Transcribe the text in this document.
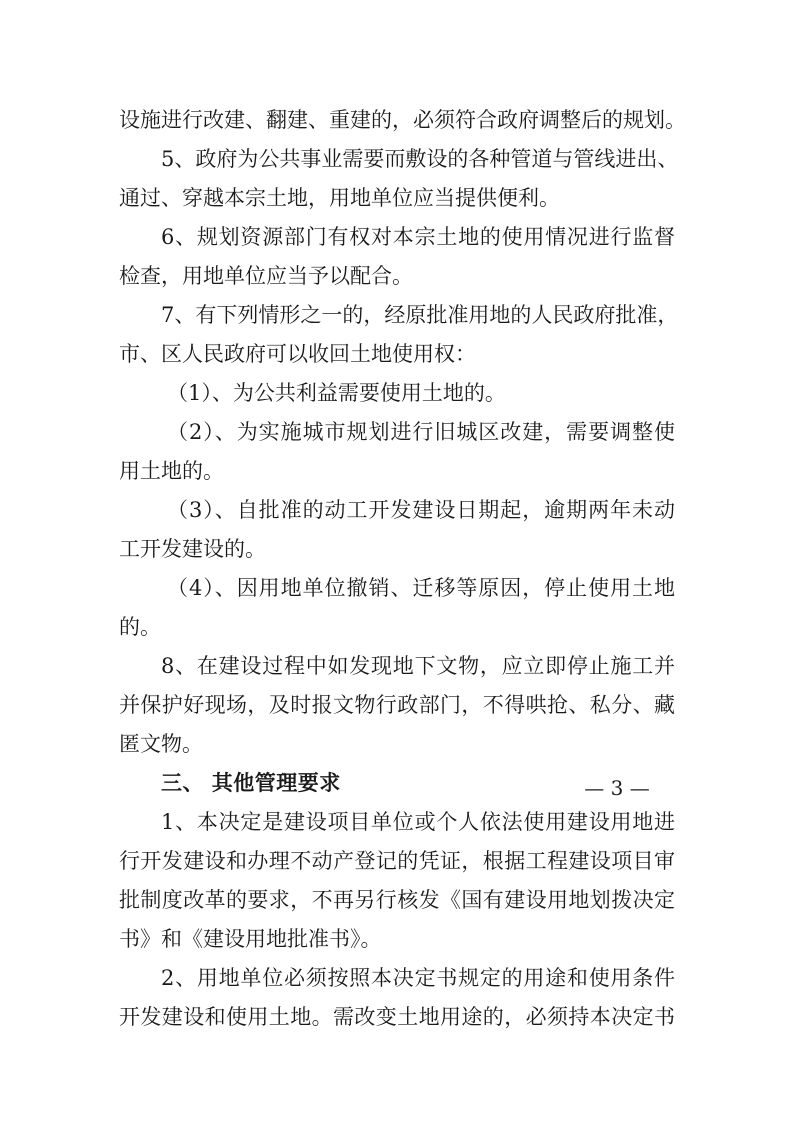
设施进行改建、翻建、重建的，必须符合政府调整后的规划。
5、政府为公共事业需要而敷设的各种管道与管线进出、
通过、穿越本宗土地，用地单位应当提供便利。
6、规划资源部门有权对本宗土地的使用情况进行监督
检查，用地单位应当予以配合。
7、有下列情形之一的，经原批准用地的人民政府批准，
市、区人民政府可以收回土地使用权：
（1）、为公共利益需要使用土地的。
（2）、为实施城市规划进行旧城区改建，需要调整使
用土地的。
（3）、自批准的动工开发建设日期起，逾期两年未动
工开发建设的。
（4）、因用地单位撤销、迁移等原因，停止使用土地
的。
8、在建设过程中如发现地下文物，应立即停止施工并
并保护好现场，及时报文物行政部门，不得哄抢、私分、藏
匿文物。
三、 其他管理要求
1、本决定是建设项目单位或个人依法使用建设用地进
行开发建设和办理不动产登记的凭证，根据工程建设项目审
批制度改革的要求，不再另行核发《国有建设用地划拨决定
书》和《建设用地批准书》。
2、用地单位必须按照本决定书规定的用途和使用条件
开发建设和使用土地。需改变土地用途的，必须持本决定书
— 3 —
